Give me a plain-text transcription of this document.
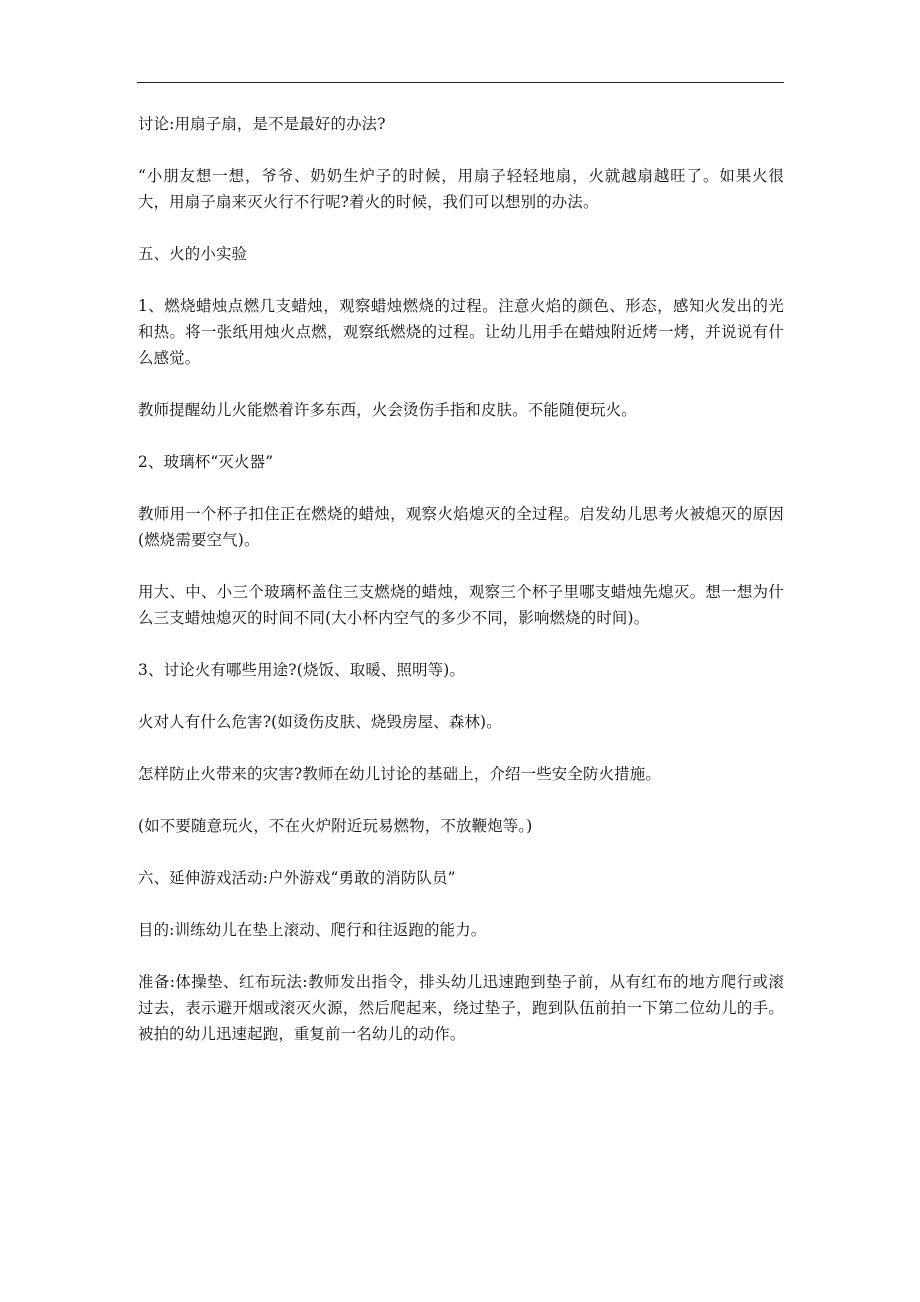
讨论:用扇子扇，是不是最好的办法?

“小朋友想一想，爷爷、奶奶生炉子的时候，用扇子轻轻地扇，火就越扇越旺了。如果火很大，用扇子扇来灭火行不行呢?着火的时候，我们可以想别的办法。

五、火的小实验

1、燃烧蜡烛点燃几支蜡烛，观察蜡烛燃烧的过程。注意火焰的颜色、形态，感知火发出的光和热。将一张纸用烛火点燃，观察纸燃烧的过程。让幼儿用手在蜡烛附近烤一烤，并说说有什么感觉。

教师提醒幼儿火能燃着许多东西，火会烫伤手指和皮肤。不能随便玩火。

2、玻璃杯“灭火器”

教师用一个杯子扣住正在燃烧的蜡烛，观察火焰熄灭的全过程。启发幼儿思考火被熄灭的原因(燃烧需要空气)。

用大、中、小三个玻璃杯盖住三支燃烧的蜡烛，观察三个杯子里哪支蜡烛先熄灭。想一想为什么三支蜡烛熄灭的时间不同(大小杯内空气的多少不同，影响燃烧的时间)。

3、讨论火有哪些用途?(烧饭、取暖、照明等)。

火对人有什么危害?(如烫伤皮肤、烧毁房屋、森林)。

怎样防止火带来的灾害?教师在幼儿讨论的基础上，介绍一些安全防火措施。

(如不要随意玩火，不在火炉附近玩易燃物，不放鞭炮等。)

六、延伸游戏活动:户外游戏“勇敢的消防队员”

目的:训练幼儿在垫上滚动、爬行和往返跑的能力。

准备:体操垫、红布玩法:教师发出指令，排头幼儿迅速跑到垫子前，从有红布的地方爬行或滚过去，表示避开烟或滚灭火源，然后爬起来，绕过垫子，跑到队伍前拍一下第二位幼儿的手。被拍的幼儿迅速起跑，重复前一名幼儿的动作。
